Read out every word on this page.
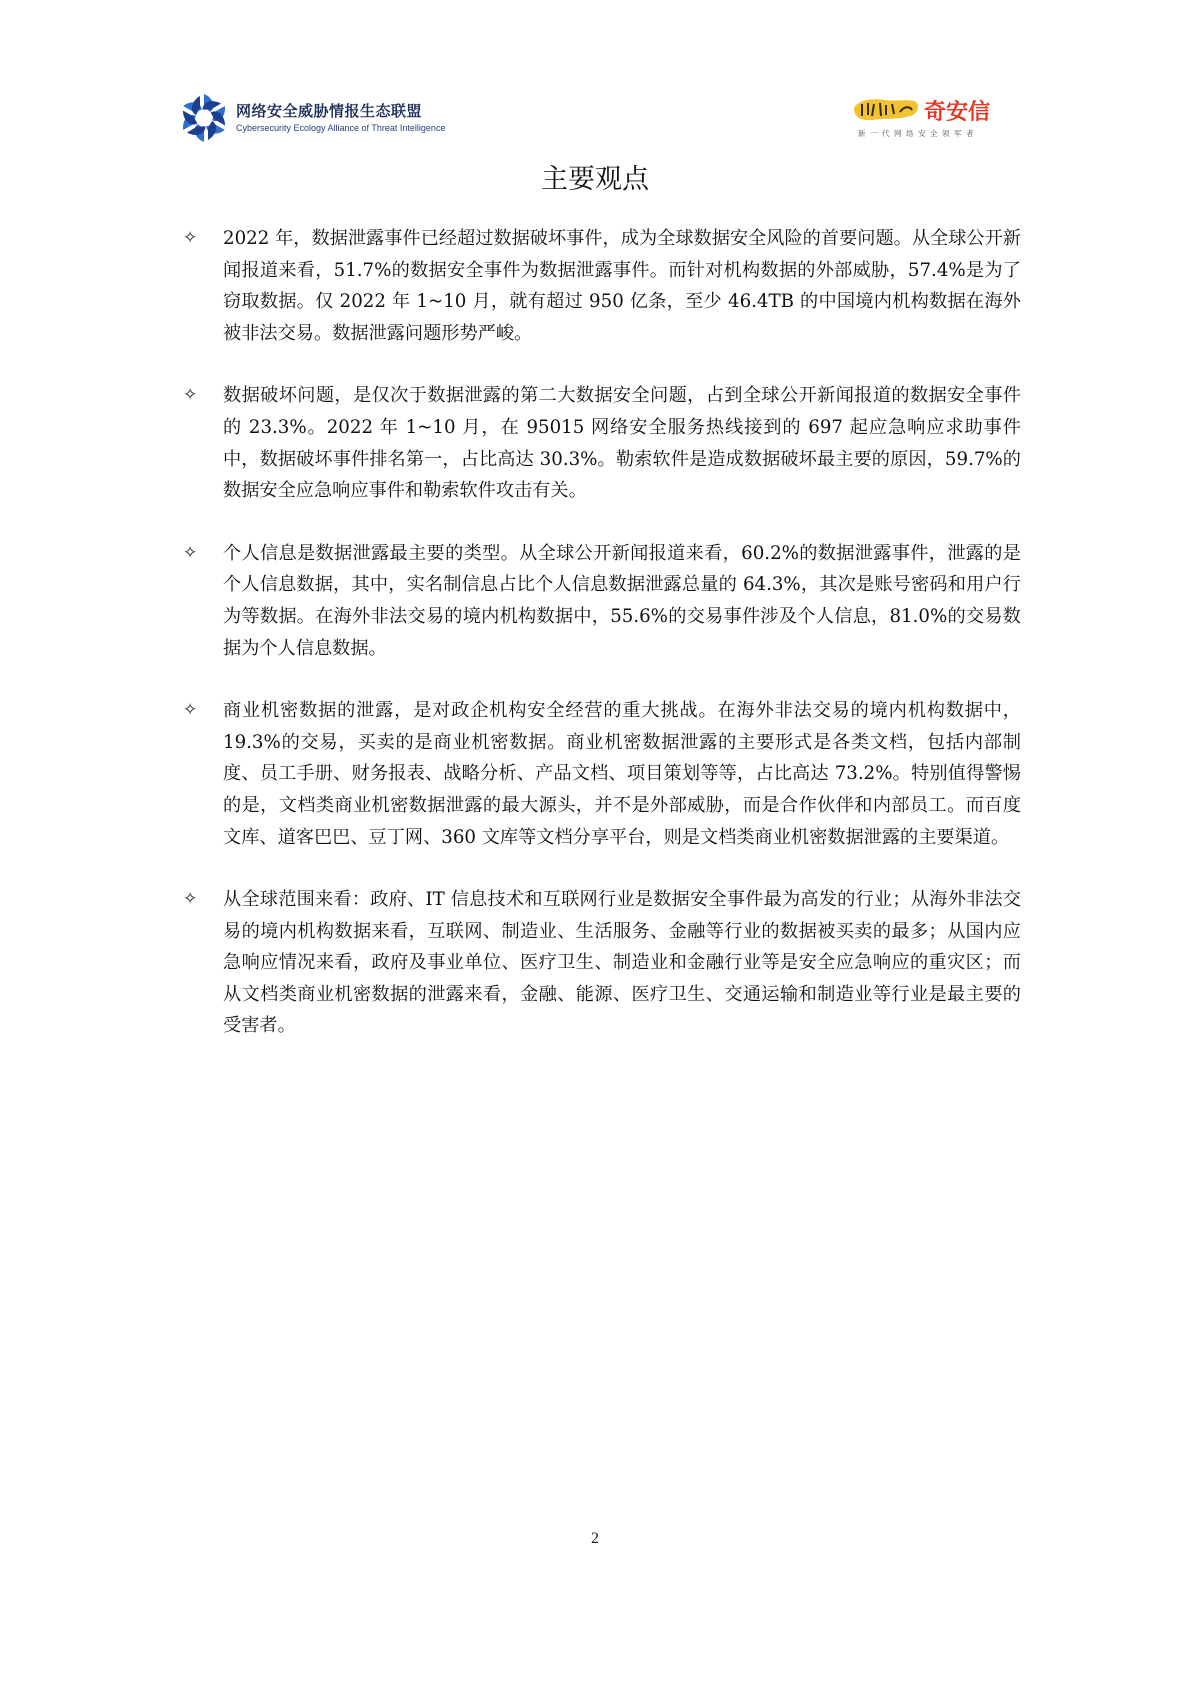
网络安全威胁情报生态联盟
Cybersecurity Ecology Alliance of Threat Intelligence
奇安信
新一代网络安全领军者
主要观点
✧ 2022 年，数据泄露事件已经超过数据破坏事件，成为全球数据安全风险的首要问题。从全球公开新闻报道来看，51.7%的数据安全事件为数据泄露事件。而针对机构数据的外部威胁，57.4%是为了窃取数据。仅 2022 年 1~10 月，就有超过 950 亿条，至少 46.4TB 的中国境内机构数据在海外被非法交易。数据泄露问题形势严峻。

✧ 数据破坏问题，是仅次于数据泄露的第二大数据安全问题，占到全球公开新闻报道的数据安全事件的 23.3%。2022 年 1~10 月，在 95015 网络安全服务热线接到的 697 起应急响应求助事件中，数据破坏事件排名第一，占比高达 30.3%。勒索软件是造成数据破坏最主要的原因，59.7%的数据安全应急响应事件和勒索软件攻击有关。

✧ 个人信息是数据泄露最主要的类型。从全球公开新闻报道来看，60.2%的数据泄露事件，泄露的是个人信息数据，其中，实名制信息占比个人信息数据泄露总量的 64.3%，其次是账号密码和用户行为等数据。在海外非法交易的境内机构数据中，55.6%的交易事件涉及个人信息，81.0%的交易数据为个人信息数据。

✧ 商业机密数据的泄露，是对政企机构安全经营的重大挑战。在海外非法交易的境内机构数据中，19.3%的交易，买卖的是商业机密数据。商业机密数据泄露的主要形式是各类文档，包括内部制度、员工手册、财务报表、战略分析、产品文档、项目策划等等，占比高达 73.2%。特别值得警惕的是，文档类商业机密数据泄露的最大源头，并不是外部威胁，而是合作伙伴和内部员工。而百度文库、道客巴巴、豆丁网、360 文库等文档分享平台，则是文档类商业机密数据泄露的主要渠道。

✧ 从全球范围来看：政府、IT 信息技术和互联网行业是数据安全事件最为高发的行业；从海外非法交易的境内机构数据来看，互联网、制造业、生活服务、金融等行业的数据被买卖的最多；从国内应急响应情况来看，政府及事业单位、医疗卫生、制造业和金融行业等是安全应急响应的重灾区；而从文档类商业机密数据的泄露来看，金融、能源、医疗卫生、交通运输和制造业等行业是最主要的受害者。

2
